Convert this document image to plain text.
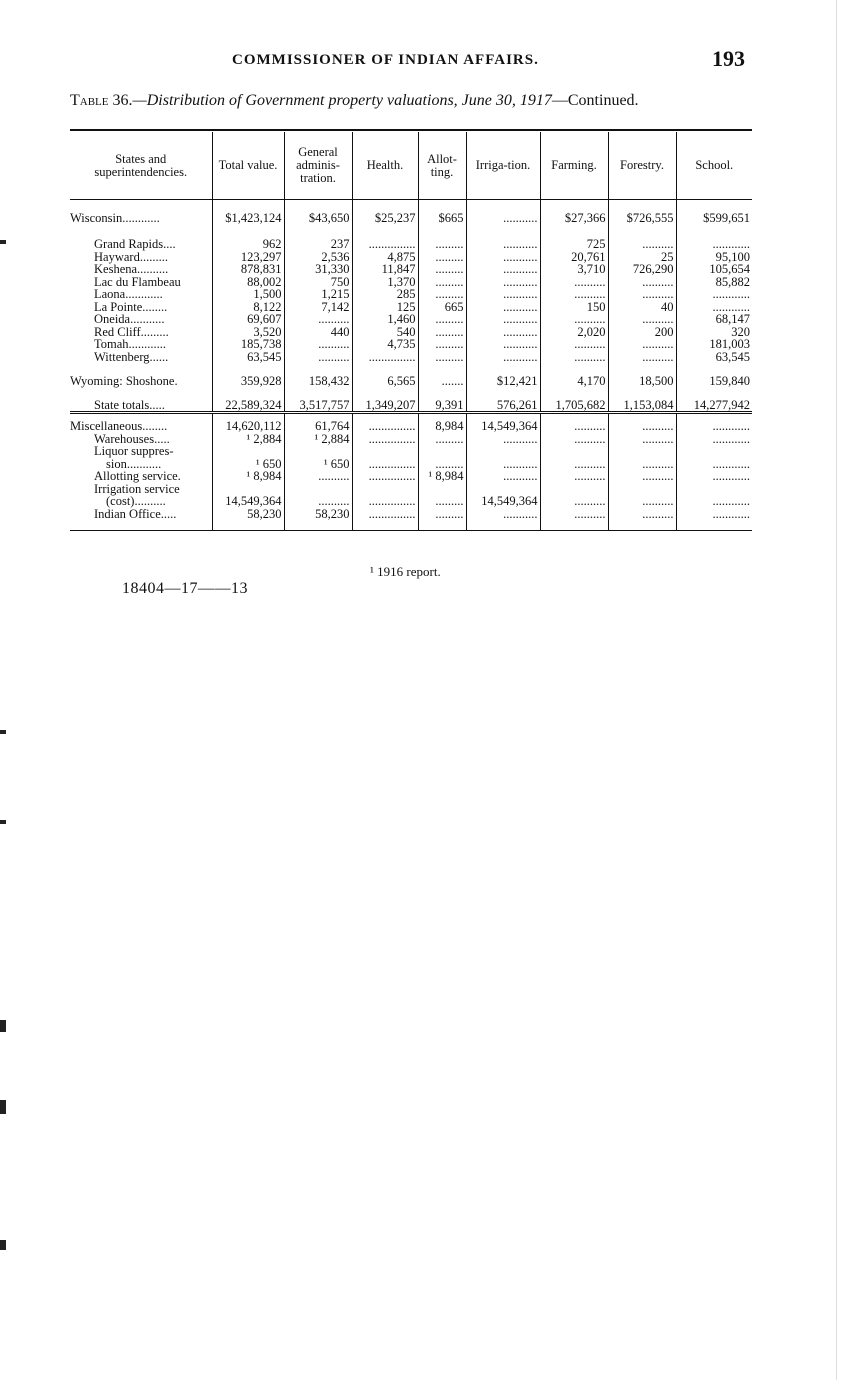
COMMISSIONER OF INDIAN AFFAIRS.	193
Table 36.—Distribution of Government property valuations, June 30, 1917—Continued.
States and superintendencies.	Total value.	General adminis-tration.	Health.	Allot-ting.	Irriga-tion.	Farming.	Forestry.	School.

Wisconsin............	$1,423,124	$43,650	$25,237	$665	...........	$27,366	$726,555	$599,651

Grand Rapids....	962	237	...............	.........	...........	725	..........	............
Hayward.........	123,297	2,536	4,875	.........	...........	20,761	25	95,100
Keshena..........	878,831	31,330	11,847	.........	...........	3,710	726,290	105,654
Lac du Flambeau	88,002	750	1,370	.........	...........	..........	..........	85,882
Laona............	1,500	1,215	285	.........	...........	..........	..........	............
La Pointe........	8,122	7,142	125	665	...........	150	40	............
Oneida...........	69,607	..........	1,460	.........	...........	..........	..........	68,147
Red Cliff.........	3,520	440	540	.........	...........	2,020	200	320
Tomah............	185,738	..........	4,735	.........	...........	..........	..........	181,003
Wittenberg......	63,545	..........	...............	.........	...........	..........	..........	63,545

Wyoming: Shoshone.	359,928	158,432	6,565	.......	$12,421	4,170	18,500	159,840

State totals.....	22,589,324	3,517,757	1,349,207	9,391	576,261	1,705,682	1,153,084	14,277,942

Miscellaneous........	14,620,112	61,764	...............	8,984	14,549,364	..........	..........	............
Warehouses.....	¹ 2,884	¹ 2,884	...............	.........	...........	..........	..........	............
Liquor suppres-								
sion...........	¹ 650	¹ 650	...............	.........	...........	..........	..........	............
Allotting service.	¹ 8,984	..........	...............	¹ 8,984	...........	..........	..........	............
Irrigation service								
(cost)..........	14,549,364	..........	...............	.........	14,549,364	..........	..........	............
Indian Office.....	58,230	58,230	...............	.........	...........	..........	..........	............

¹ 1916 report.
18404—17——13
